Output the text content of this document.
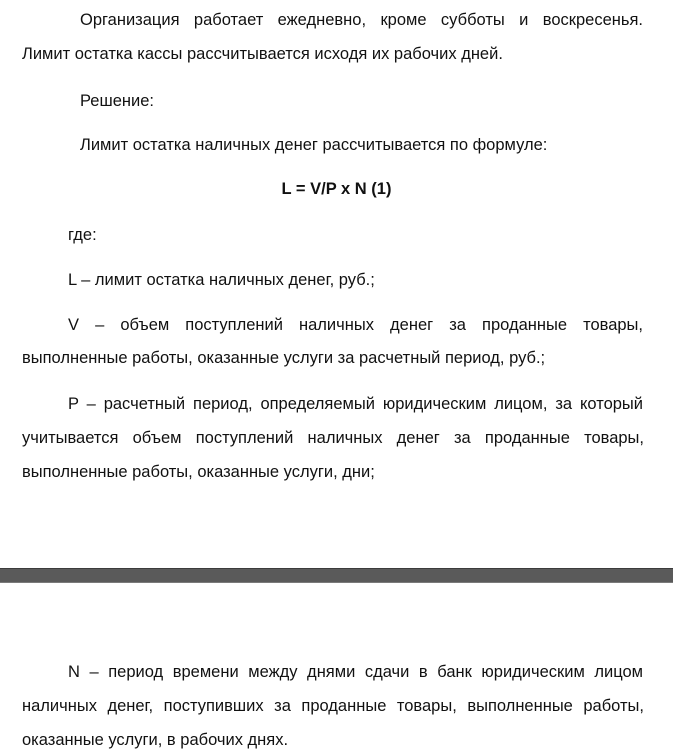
Организация работает ежедневно, кроме субботы и воскресенья.
Лимит остатка кассы рассчитывается исходя их рабочих дней.
Решение:
Лимит остатка наличных денег рассчитывается по формуле:
L = V/P x N (1)
где:
L – лимит остатка наличных денег, руб.;
V – объем поступлений наличных денег за проданные товары,
выполненные работы, оказанные услуги за расчетный период, руб.;
P – расчетный период, определяемый юридическим лицом, за который
учитывается объем поступлений наличных денег за проданные товары,
выполненные работы, оказанные услуги, дни;
N – период времени между днями сдачи в банк юридическим лицом
наличных денег, поступивших за проданные товары, выполненные работы,
оказанные услуги, в рабочих днях.
